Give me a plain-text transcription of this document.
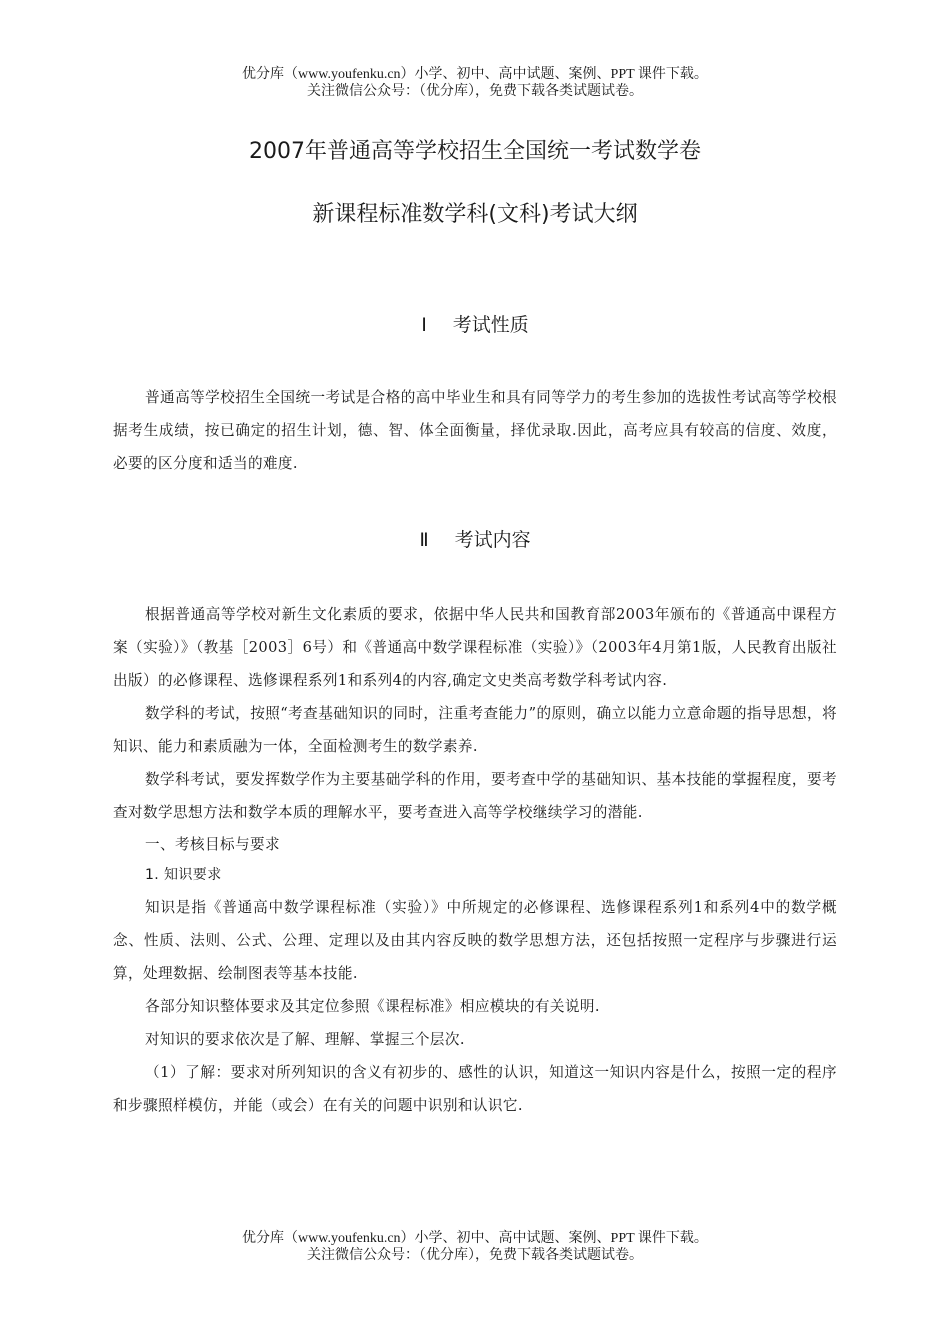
优分库（www.youfenku.cn）小学、初中、高中试题、案例、PPT 课件下载。
关注微信公众号：（优分库），免费下载各类试题试卷。
2007年普通高等学校招生全国统一考试数学卷
新课程标准数学科(文科)考试大纲
Ⅰ 考试性质

普通高等学校招生全国统一考试是合格的高中毕业生和具有同等学力的考生参加的选拔性考试高等学校根据考生成绩，按已确定的招生计划，德、智、体全面衡量，择优录取.因此，高考应具有较高的信度、效度，必要的区分度和适当的难度.

Ⅱ 考试内容

根据普通高等学校对新生文化素质的要求，依据中华人民共和国教育部2003年颁布的《普通高中课程方案（实验）》（教基［2003］6号）和《普通高中数学课程标准（实验）》（2003年4月第1版，人民教育出版社出版）的必修课程、选修课程系列1和系列4的内容,确定文史类高考数学科考试内容.

数学科的考试，按照“考查基础知识的同时，注重考查能力”的原则，确立以能力立意命题的指导思想，将知识、能力和素质融为一体，全面检测考生的数学素养.

数学科考试，要发挥数学作为主要基础学科的作用，要考查中学的基础知识、基本技能的掌握程度，要考查对数学思想方法和数学本质的理解水平，要考查进入高等学校继续学习的潜能.

一、考核目标与要求

1. 知识要求

知识是指《普通高中数学课程标准（实验）》中所规定的必修课程、选修课程系列1和系列4中的数学概念、性质、法则、公式、公理、定理以及由其内容反映的数学思想方法，还包括按照一定程序与步骤进行运算，处理数据、绘制图表等基本技能.

各部分知识整体要求及其定位参照《课程标准》相应模块的有关说明.

对知识的要求依次是了解、理解、掌握三个层次.

（1）了解：要求对所列知识的含义有初步的、感性的认识，知道这一知识内容是什么，按照一定的程序和步骤照样模仿，并能（或会）在有关的问题中识别和认识它.

优分库（www.youfenku.cn）小学、初中、高中试题、案例、PPT 课件下载。
关注微信公众号：（优分库），免费下载各类试题试卷。
